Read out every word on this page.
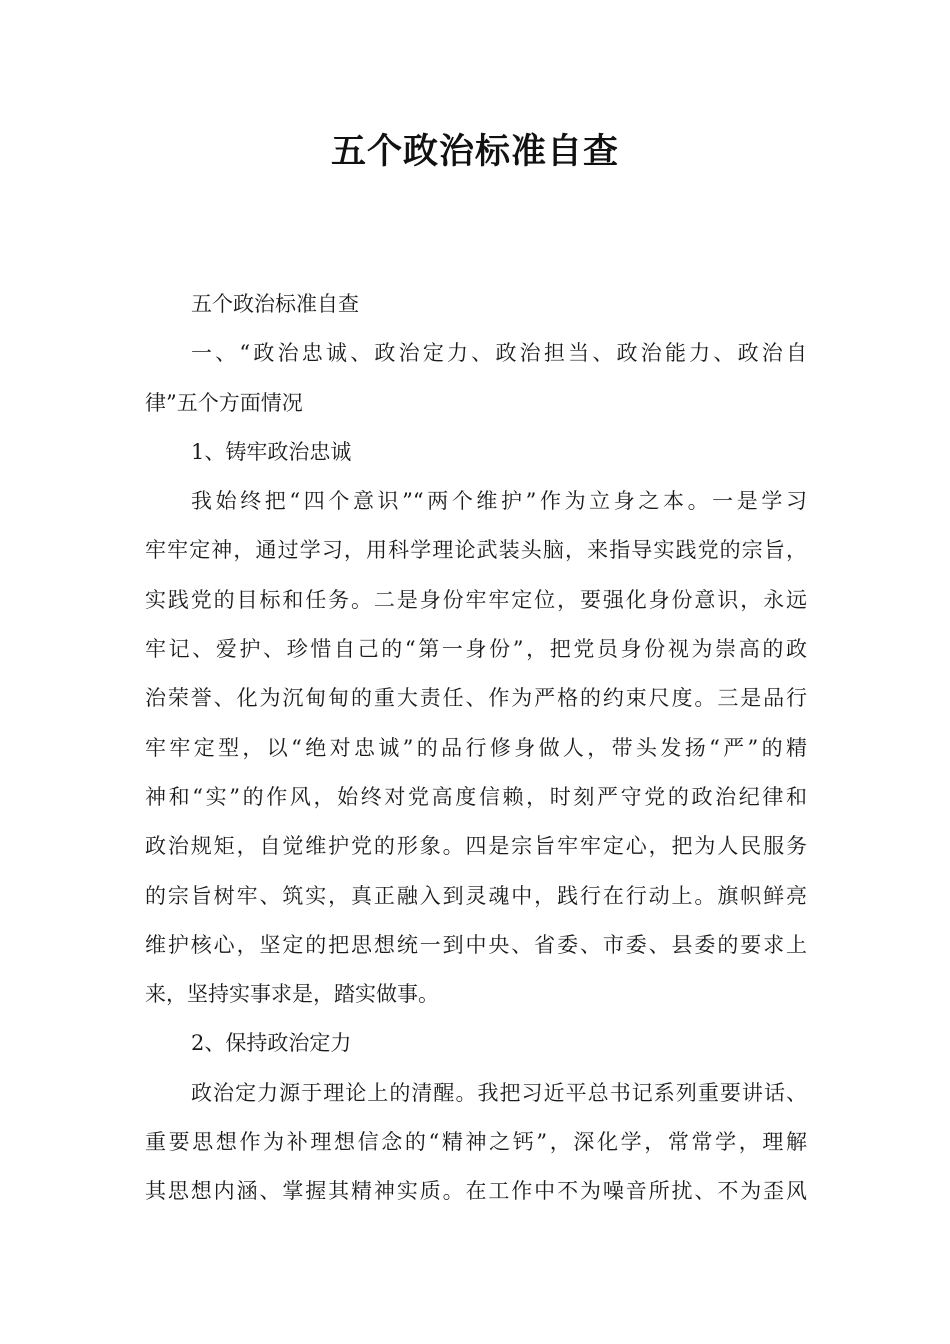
五个政治标准自查
五个政治标准自查
一、“政治忠诚、政治定力、政治担当、政治能力、政治自
律”五个方面情况
1、铸牢政治忠诚
我始终把“四个意识”“两个维护”作为立身之本。一是学习
牢牢定神，通过学习，用科学理论武装头脑，来指导实践党的宗旨，
实践党的目标和任务。二是身份牢牢定位，要强化身份意识，永远
牢记、爱护、珍惜自己的“第一身份”，把党员身份视为崇高的政
治荣誉、化为沉甸甸的重大责任、作为严格的约束尺度。三是品行
牢牢定型，以“绝对忠诚”的品行修身做人，带头发扬“严”的精
神和“实”的作风，始终对党高度信赖，时刻严守党的政治纪律和
政治规矩，自觉维护党的形象。四是宗旨牢牢定心，把为人民服务
的宗旨树牢、筑实，真正融入到灵魂中，践行在行动上。旗帜鲜亮
维护核心，坚定的把思想统一到中央、省委、市委、县委的要求上
来，坚持实事求是，踏实做事。
2、保持政治定力
政治定力源于理论上的清醒。我把习近平总书记系列重要讲话、
重要思想作为补理想信念的“精神之钙”，深化学，常常学，理解
其思想内涵、掌握其精神实质。在工作中不为噪音所扰、不为歪风
